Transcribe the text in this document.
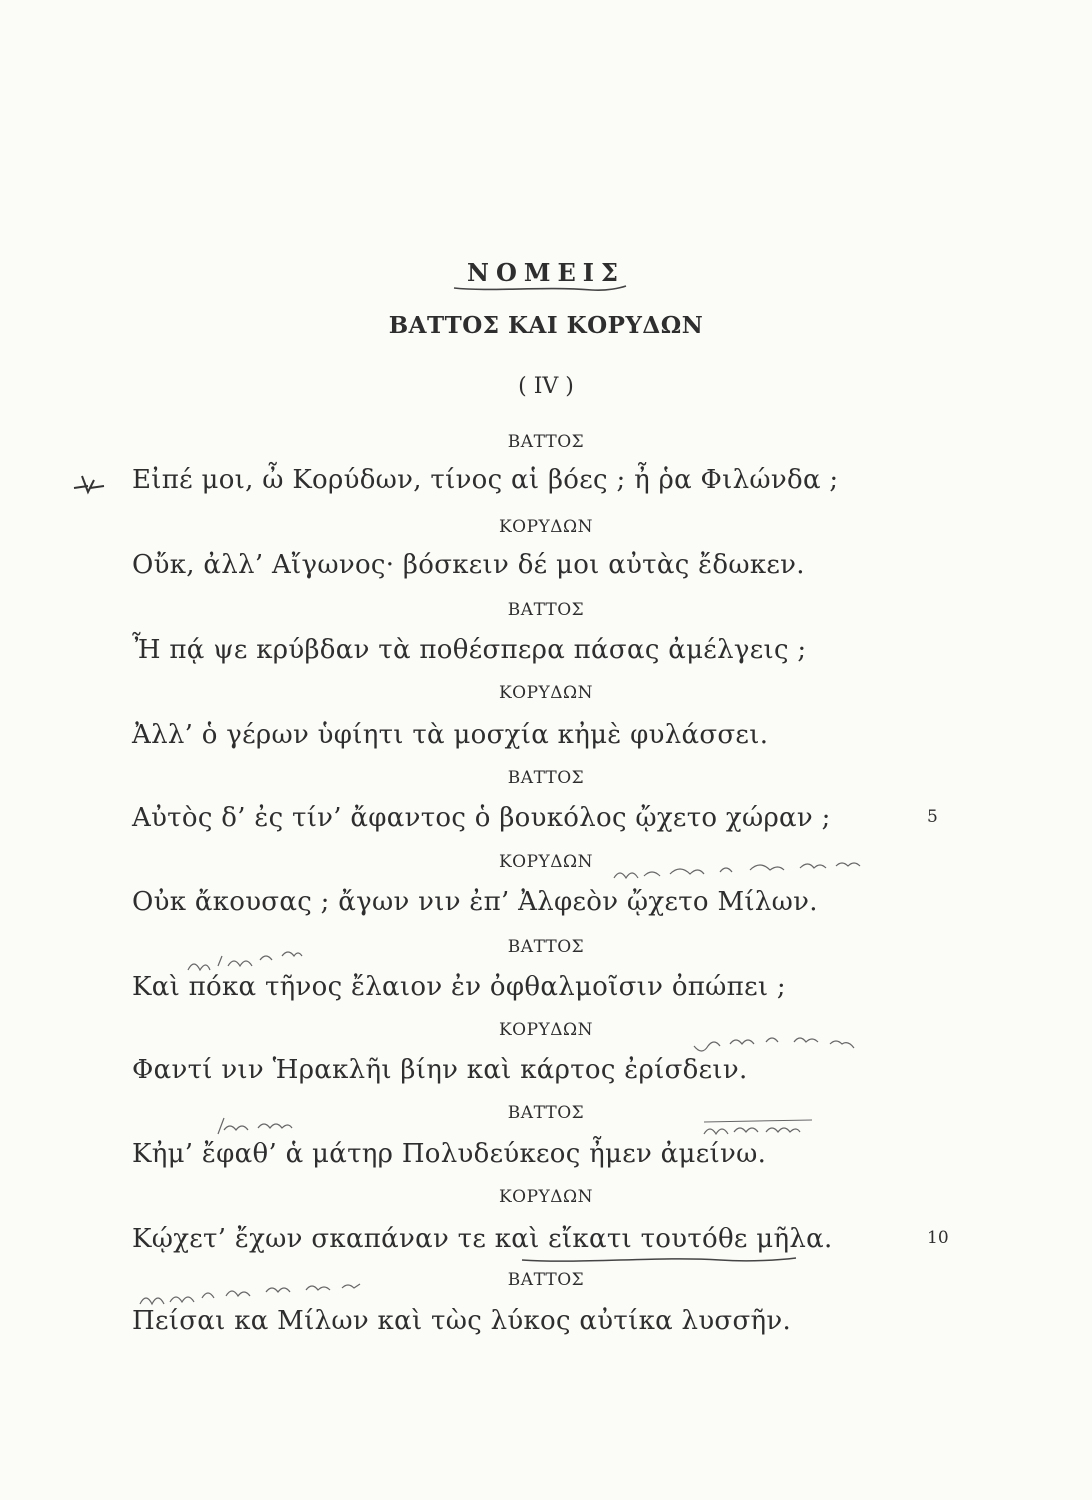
ΝΟΜΕΙΣ
ΒΑΤΤΟΣ ΚΑΙ ΚΟΡΥΔΩΝ
( IV )
ΒΑΤΤΟΣ
Εἰπέ μοι, ὦ Κορύδων, τίνος αἱ βόες ; ἦ ῥα Φιλώνδα ;
ΚΟΡΥΔΩΝ
Οὔκ, ἀλλ’ Αἴγωνος· βόσκειν δέ μοι αὐτὰς ἔδωκεν.
ΒΑΤΤΟΣ
Ἦ πᾴ ψε κρύβδαν τὰ ποθέσπερα πάσας ἀμέλγεις ;
ΚΟΡΥΔΩΝ
Ἀλλ’ ὁ γέρων ὑφίητι τὰ μοσχία κἠμὲ φυλάσσει.
ΒΑΤΤΟΣ
Αὐτὸς δ’ ἐς τίν’ ἄφαντος ὁ βουκόλος ᾤχετο χώραν ;	5
ΚΟΡΥΔΩΝ
Οὐκ ἄκουσας ; ἄγων νιν ἐπ’ Ἀλφεὸν ᾤχετο Μίλων.
ΒΑΤΤΟΣ
Καὶ πόκα τῆνος ἔλαιον ἐν ὀφθαλμοῖσιν ὀπώπει ;
ΚΟΡΥΔΩΝ
Φαντί νιν Ἡρακλῆι βίην καὶ κάρτος ἐρίσδειν.
ΒΑΤΤΟΣ
Κἠμ’ ἔφαθ’ ἁ μάτηρ Πολυδεύκεος ἦμεν ἀμείνω.
ΚΟΡΥΔΩΝ
Κῴχετ’ ἔχων σκαπάναν τε καὶ εἴκατι τουτόθε μῆλα.	10
ΒΑΤΤΟΣ
Πείσαι κα Μίλων καὶ τὼς λύκος αὐτίκα λυσσῆν.
